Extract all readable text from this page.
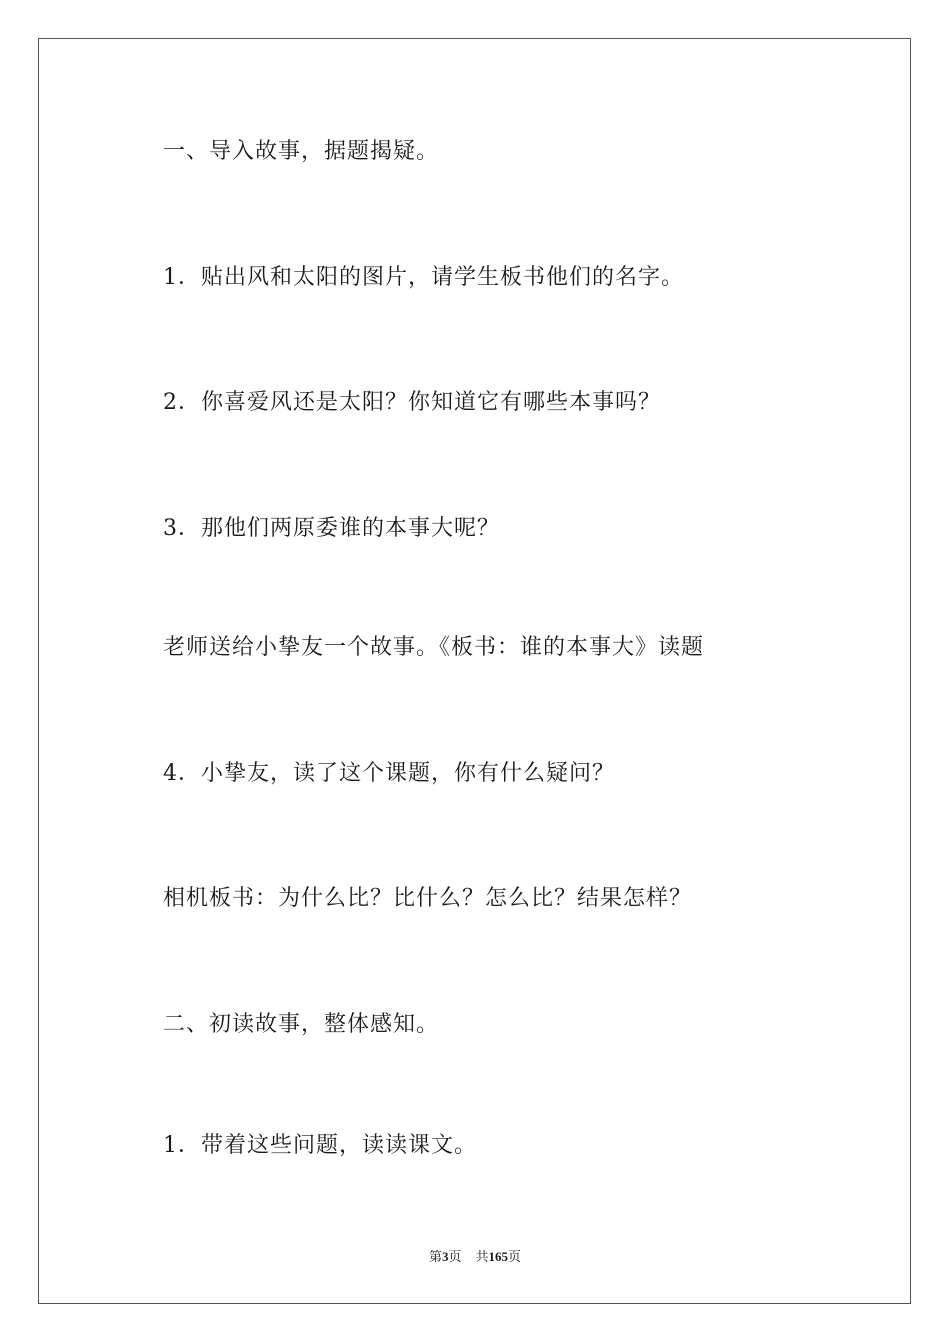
一、导入故事，据题揭疑。
1．贴出风和太阳的图片，请学生板书他们的名字。
2．你喜爱风还是太阳？你知道它有哪些本事吗？
3．那他们两原委谁的本事大呢？
老师送给小挚友一个故事。《板书：谁的本事大》读题
4．小挚友，读了这个课题，你有什么疑问？
相机板书：为什么比？比什么？怎么比？结果怎样？
二、初读故事，整体感知。
1．带着这些问题，读读课文。
第3页 共165页
